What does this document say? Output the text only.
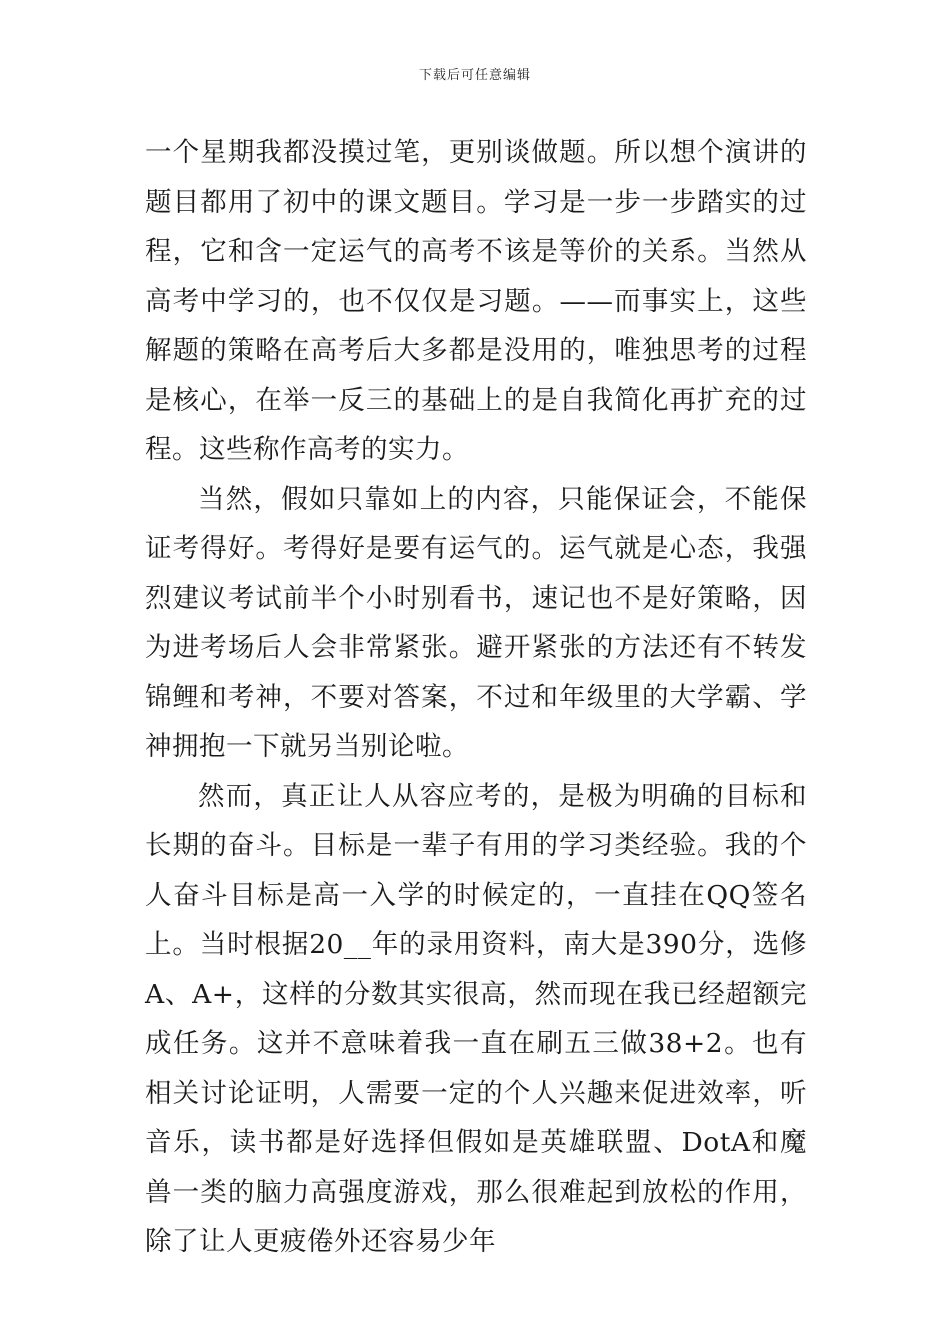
下载后可任意编辑

一个星期我都没摸过笔，更别谈做题。所以想个演讲的题目都用了初中的课文题目。学习是一步一步踏实的过程，它和含一定运气的高考不该是等价的关系。当然从高考中学习的，也不仅仅是习题。——而事实上，这些解题的策略在高考后大多都是没用的，唯独思考的过程是核心，在举一反三的基础上的是自我简化再扩充的过程。这些称作高考的实力。

当然，假如只靠如上的内容，只能保证会，不能保证考得好。考得好是要有运气的。运气就是心态，我强烈建议考试前半个小时别看书，速记也不是好策略，因为进考场后人会非常紧张。避开紧张的方法还有不转发锦鲤和考神，不要对答案，不过和年级里的大学霸、学神拥抱一下就另当别论啦。

然而，真正让人从容应考的，是极为明确的目标和长期的奋斗。目标是一辈子有用的学习类经验。我的个人奋斗目标是高一入学的时候定的，一直挂在QQ签名上。当时根据20__年的录用资料，南大是390分，选修A、A+，这样的分数其实很高，然而现在我已经超额完成任务。这并不意味着我一直在刷五三做38+2。也有相关讨论证明，人需要一定的个人兴趣来促进效率，听音乐，读书都是好选择但假如是英雄联盟、DotA和魔兽一类的脑力高强度游戏，那么很难起到放松的作用，除了让人更疲倦外还容易少年
